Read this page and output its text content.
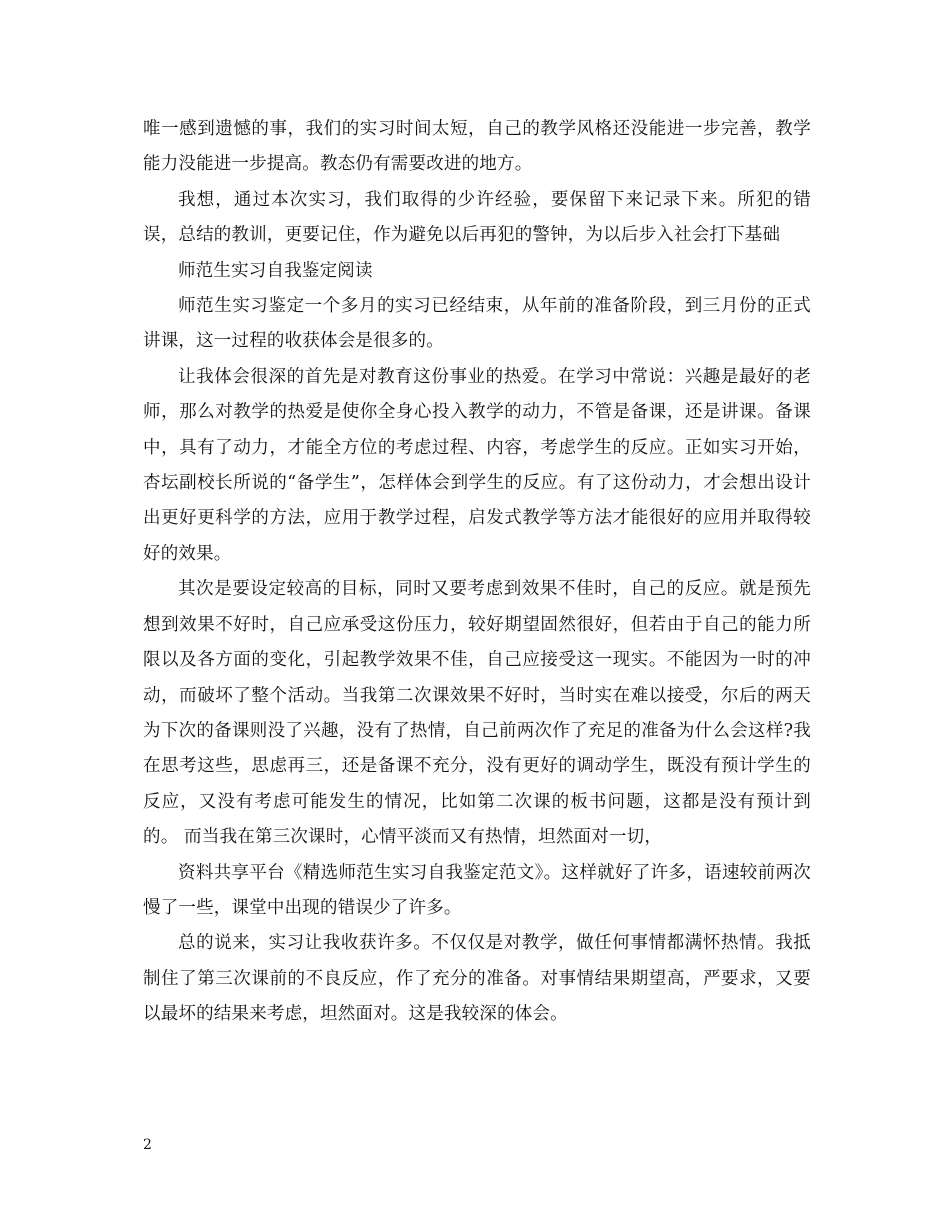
唯一感到遗憾的事，我们的实习时间太短，自己的教学风格还没能进一步完善，教学能力没能进一步提高。教态仍有需要改进的地方。

我想，通过本次实习，我们取得的少许经验，要保留下来记录下来。所犯的错误，总结的教训，更要记住，作为避免以后再犯的警钟，为以后步入社会打下基础

师范生实习自我鉴定阅读

师范生实习鉴定一个多月的实习已经结束，从年前的准备阶段，到三月份的正式讲课，这一过程的收获体会是很多的。

让我体会很深的首先是对教育这份事业的热爱。在学习中常说：兴趣是最好的老师，那么对教学的热爱是使你全身心投入教学的动力，不管是备课，还是讲课。备课中，具有了动力，才能全方位的考虑过程、内容，考虑学生的反应。正如实习开始，杏坛副校长所说的“备学生”，怎样体会到学生的反应。有了这份动力，才会想出设计出更好更科学的方法，应用于教学过程，启发式教学等方法才能很好的应用并取得较好的效果。

其次是要设定较高的目标，同时又要考虑到效果不佳时，自己的反应。就是预先想到效果不好时，自己应承受这份压力，较好期望固然很好，但若由于自己的能力所限以及各方面的变化，引起教学效果不佳，自己应接受这一现实。不能因为一时的冲动，而破坏了整个活动。当我第二次课效果不好时，当时实在难以接受，尔后的两天为下次的备课则没了兴趣，没有了热情，自己前两次作了充足的准备为什么会这样?我在思考这些，思虑再三，还是备课不充分，没有更好的调动学生，既没有预计学生的反应，又没有考虑可能发生的情况，比如第二次课的板书问题，这都是没有预计到的。 而当我在第三次课时，心情平淡而又有热情，坦然面对一切，

资料共享平台《精选师范生实习自我鉴定范文》。这样就好了许多，语速较前两次慢了一些，课堂中出现的错误少了许多。

总的说来，实习让我收获许多。不仅仅是对教学，做任何事情都满怀热情。我抵制住了第三次课前的不良反应，作了充分的准备。对事情结果期望高，严要求，又要以最坏的结果来考虑，坦然面对。这是我较深的体会。

2
